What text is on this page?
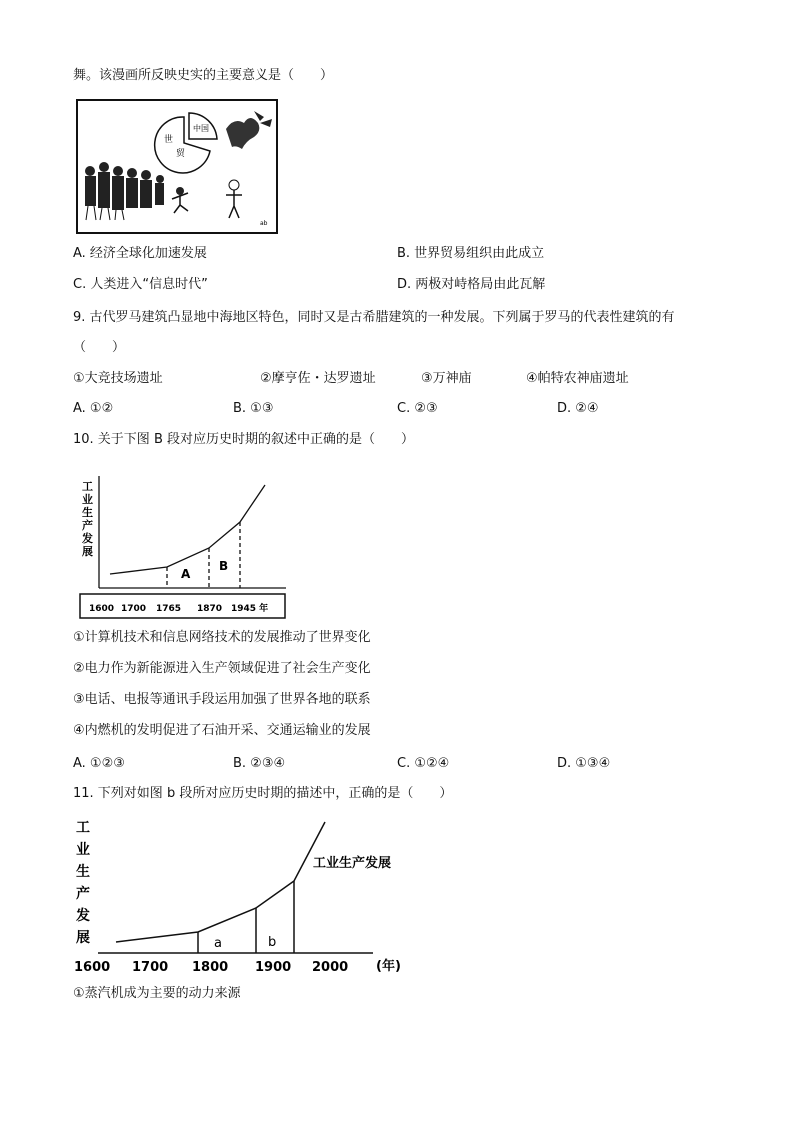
舞。该漫画所反映史实的主要意义是（　　）
世
贸
中国
ab
A. 经济全球化加速发展	B. 世界贸易组织由此成立
C. 人类进入“信息时代”	D. 两极对峙格局由此瓦解
9. 古代罗马建筑凸显地中海地区特色，同时又是古希腊建筑的一种发展。下列属于罗马的代表性建筑的有
（　　）
①大竞技场遗址	②摩亨佐・达罗遗址	③万神庙	④帕特农神庙遗址
A. ①②	B. ①③	C. ②③	D. ②④
10. 关于下图 B 段对应历史时期的叙述中正确的是（　　）
工
业
生
产
发
展
A
B
1600 1700 1765 1870 1945 年
①计算机技术和信息网络技术的发展推动了世界变化
②电力作为新能源进入生产领域促进了社会生产变化
③电话、电报等通讯手段运用加强了世界各地的联系
④内燃机的发明促进了石油开采、交通运输业的发展
A. ①②③	B. ②③④	C. ①②④	D. ①③④
11. 下列对如图 b 段所对应历史时期的描述中，正确的是（　　）
工
业
生
产
发
展	a	b
工业生产发展
1600 1700 1800 1900 2000 (年)
①蒸汽机成为主要的动力来源
